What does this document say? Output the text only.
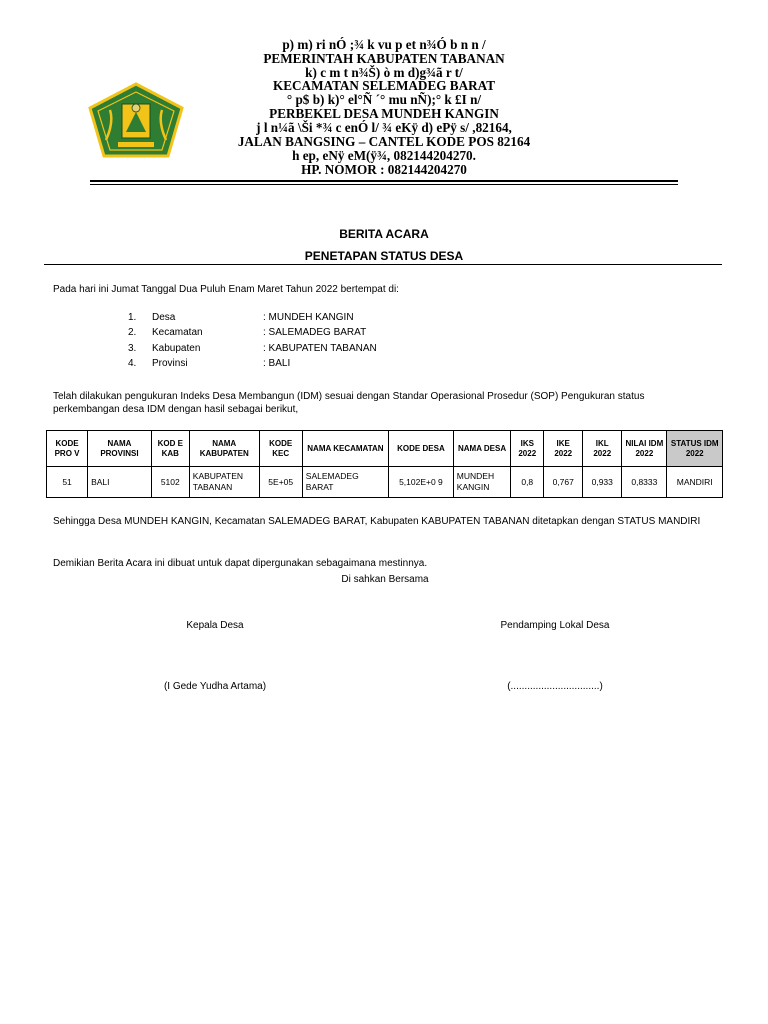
p) m) ri nÓ ;¾ k vu p et n¾Ó b n n /
PEMERINTAH KABUPATEN TABANAN
k) c m t n¾Š) ò m d)g¾ã r t/
KECAMATAN SELEMADEG BARAT
° p$ b) k)° el°Ñ ´° mu nÑ);° k £I n/
PERBEKEL DESA MUNDEH KANGIN
j l n¼ã \Ši *¾ c enÓ l/ ¾ eKÿ d) ePÿ s/ ,82164,
JALAN BANGSING – CANTEL KODE POS 82164
h ep, eNÿ eM(ÿ¾, 082144204270.
HP. NOMOR : 082144204270
BERITA ACARA
PENETAPAN STATUS DESA
Pada hari ini Jumat Tanggal Dua Puluh Enam Maret Tahun 2022 bertempat di:
1. Desa	: MUNDEH KANGIN
2. Kecamatan	: SALEMADEG BARAT
3. Kabupaten	: KABUPATEN TABANAN
4. Provinsi	: BALI
Telah dilakukan pengukuran Indeks Desa Membangun (IDM) sesuai dengan Standar Operasional Prosedur (SOP) Pengukuran status perkembangan desa IDM dengan hasil sebagai berikut,
KODE PRO V	NAMA PROVINSI	KOD E KAB	NAMA KABUPATEN	KODE KEC	NAMA KECAMATAN	KODE DESA	NAMA DESA	IKS 2022	IKE 2022	IKL 2022	NILAI IDM 2022	STATUS IDM 2022
51	BALI	5102	KABUPATEN TABANAN	5E+05	SALEMADEG BARAT	5,102E+0 9	MUNDEH KANGIN	0,8	0,767	0,933	0,8333	MANDIRI
Sehingga Desa MUNDEH KANGIN, Kecamatan SALEMADEG BARAT, Kabupaten KABUPATEN TABANAN ditetapkan dengan STATUS MANDIRI
Demikian Berita Acara ini dibuat untuk dapat dipergunakan sebagaimana mestinnya.
Di sahkan Bersama
Kepala Desa	Pendamping Lokal Desa
(I Gede Yudha Artama)	(................................)
